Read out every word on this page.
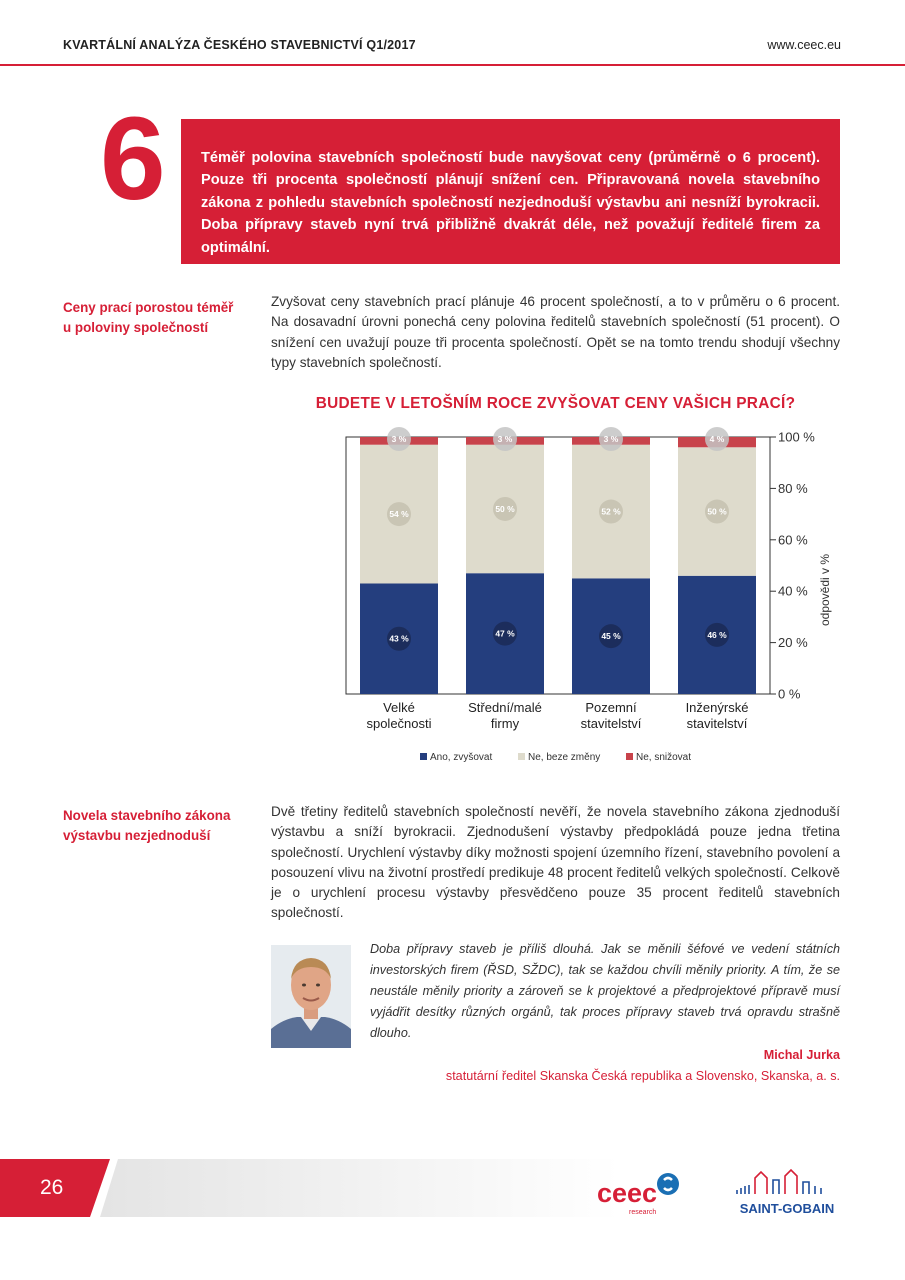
KVARTÁLNÍ ANALÝZA ČESKÉHO STAVEBNICTVÍ Q1/2017	www.ceec.eu
6 Téměř polovina stavebních společností bude navyšovat ceny (průměrně o 6 procent). Pouze tři procenta společností plánují snížení cen. Připravovaná novela stavebního zákona z pohledu stavebních společností nezjednoduší výstavbu ani nesníží byrokracii. Doba přípravy staveb nyní trvá přibližně dvakrát déle, než považují ředitelé firem za optimální.

Ceny prací porostou téměř
u poloviny společností

Zvyšovat ceny stavebních prací plánuje 46 procent společností, a to v průměru o 6 procent. Na dosavadní úrovni ponechá ceny polovina ředitelů stavebních společností (51 procent). O snížení cen uvažují pouze tři procenta společností. Opět se na tomto trendu shodují všechny typy stavebních společností.

BUDETE V LETOŠNÍM ROCE ZVYŠOVAT CENY VAŠICH PRACÍ?
0 %
20 %
40 %
60 %
80 %
100 %
43 %
54 %
3 %
Velké
společnosti
47 %
50 %
3 %
Střední/malé
firmy
45 %
52 %
3 %
Pozemní
stavitelství
46 %
50 %
4 %
Inženýrské
stavitelství
Ano, zvyšovat	Ne, beze změny	Ne, snižovat
odpovědi v %
Novela stavebního zákona
výstavbu nezjednoduší

Dvě třetiny ředitelů stavebních společností nevěří, že novela stavebního zákona zjednoduší výstavbu a sníží byrokracii. Zjednodušení výstavby předpokládá pouze jedna třetina společností. Urychlení výstavby díky možnosti spojení územního řízení, stavebního povolení a posouzení vlivu na životní prostředí predikuje 48 procent ředitelů velkých společností. Celkově je o urychlení procesu výstavby přesvědčeno pouze 35 procent ředitelů stavebních společností.

Doba přípravy staveb je příliš dlouhá. Jak se měnili šéfové ve vedení státních investorských firem (ŘSD, SŽDC), tak se každou chvíli měnily priority. A tím, že se neustále měnily priority a zároveň se k projektové a předprojektové přípravě musí vyjádřit desítky různých orgánů, tak proces přípravy staveb trvá opravdu strašně dlouho.

Michal Jurka
statutární ředitel Skanska Česká republika a Slovensko, Skanska, a. s.
26	ceec
research	SAINT-GOBAIN
